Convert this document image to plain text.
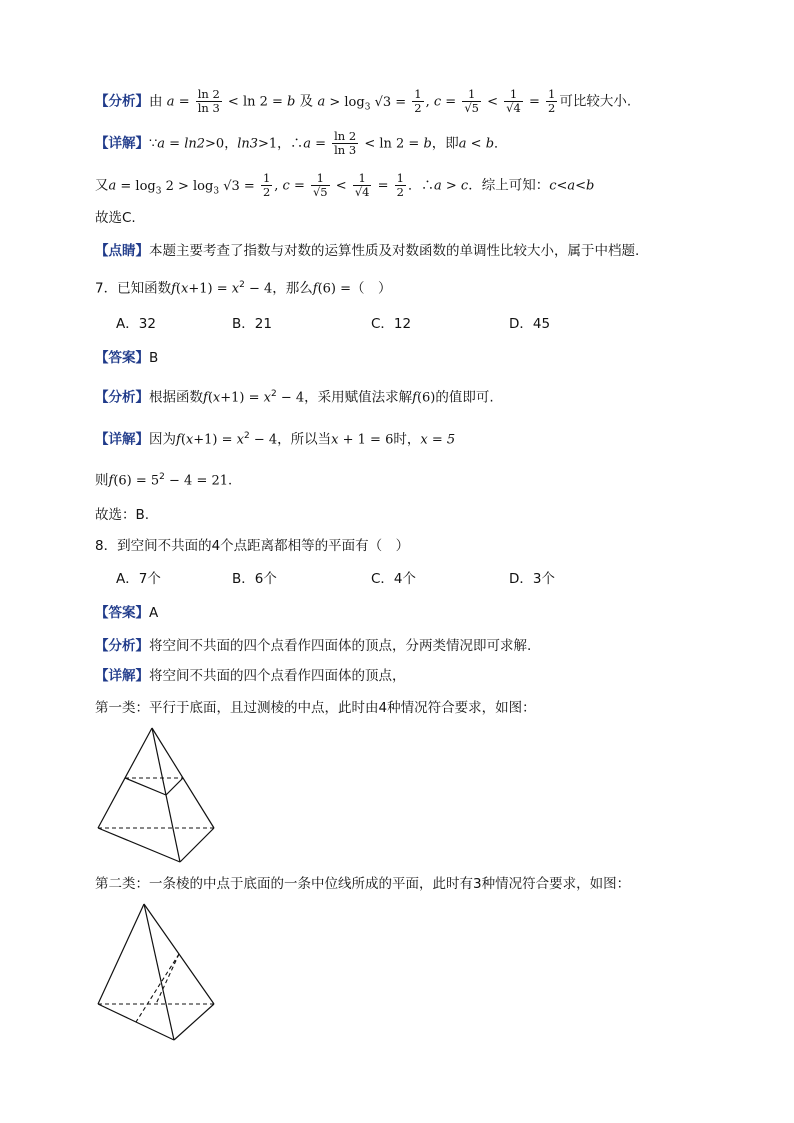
【分析】由 $a = \frac{\ln 2}{\ln 3} < \ln 2 = b$ 及 $a > \log_3 √3 = \frac{1}{2}$ , $c = \frac{1}{√5} < \frac{1}{√4} = \frac{1}{2}$ 可比较大小.
【详解】∵a = ln2>0，ln3>1，∴a = $\frac{\ln 2}{\ln 3} < \ln 2 = b$，即a < b．
又$a = \log_3 2 > \log_3 √3 = \frac{1}{2}$ , $c = \frac{1}{√5} < \frac{1}{√4} = \frac{1}{2}$ ．∴a > c．综上可知：c<a<b
故选C.
【点睛】本题主要考查了指数与对数的运算性质及对数函数的单调性比较大小，属于中档题.
7．已知函数$f(x+1) = x^2 - 4$，那么f(6) =（　）
A．32	B．21	C．12	D．45
【答案】B
【分析】根据函数$f(x+1) = x^2 - 4$，采用赋值法求解f(6)的值即可.
【详解】因为$f(x+1) = x^2 - 4$，所以当x + 1 = 6时，x = 5
则$f(6) = 5^2 - 4 = 21$.
故选：B.
8．到空间不共面的4个点距离都相等的平面有（　）
A．7个	B．6个	C．4个	D．3个
【答案】A
【分析】将空间不共面的四个点看作四面体的顶点，分两类情况即可求解.
【详解】将空间不共面的四个点看作四面体的顶点，
第一类：平行于底面，且过测棱的中点，此时由4种情况符合要求，如图：
第二类：一条棱的中点于底面的一条中位线所成的平面，此时有3种情况符合要求，如图：
